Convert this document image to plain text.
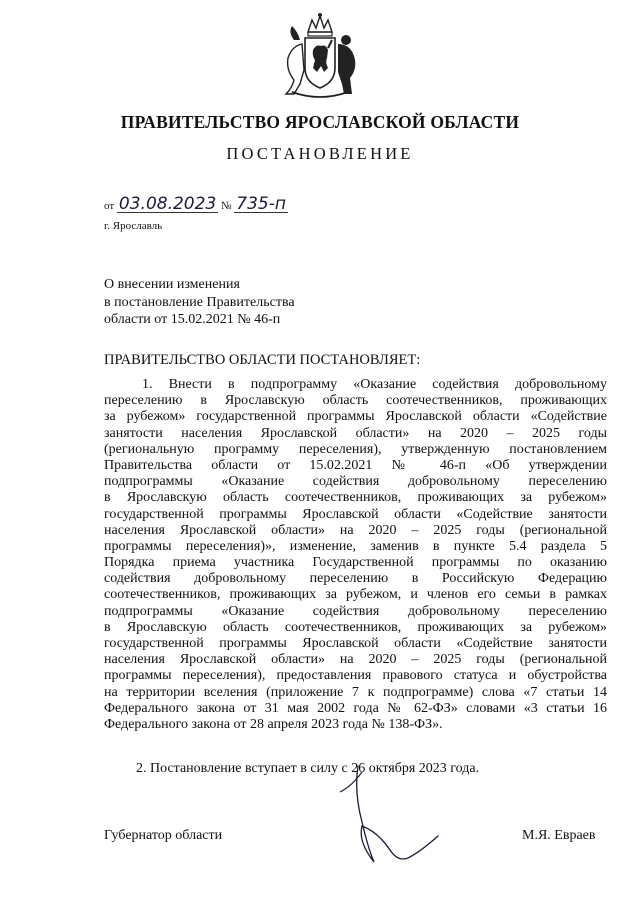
ПРАВИТЕЛЬСТВО ЯРОСЛАВСКОЙ ОБЛАСТИ
ПОСТАНОВЛЕНИЕ
от 03.08.2023 № 735-п
г. Ярославль
О внесении изменения
в постановление Правительства
области от 15.02.2021 № 46-п
ПРАВИТЕЛЬСТВО ОБЛАСТИ ПОСТАНОВЛЯЕТ:
1. Внести в подпрограмму «Оказание содействия добровольному
переселению в Ярославскую область соотечественников, проживающих
за рубежом» государственной программы Ярославской области «Содействие
занятости населения Ярославской области» на 2020 – 2025 годы
(региональную программу переселения), утвержденную постановлением
Правительства области от 15.02.2021 № 46-п «Об утверждении
подпрограммы «Оказание содействия добровольному переселению
в Ярославскую область соотечественников, проживающих за рубежом»
государственной программы Ярославской области «Содействие занятости
населения Ярославской области» на 2020 – 2025 годы (региональной
программы переселения)», изменение, заменив в пункте 5.4 раздела 5
Порядка приема участника Государственной программы по оказанию
содействия добровольному переселению в Российскую Федерацию
соотечественников, проживающих за рубежом, и членов его семьи в рамках
подпрограммы «Оказание содействия добровольному переселению
в Ярославскую область соотечественников, проживающих за рубежом»
государственной программы Ярославской области «Содействие занятости
населения Ярославской области» на 2020 – 2025 годы (региональной
программы переселения), предоставления правового статуса и обустройства
на территории вселения (приложение 7 к подпрограмме) слова «7 статьи 14
Федерального закона от 31 мая 2002 года № 62-ФЗ» словами «3 статьи 16
Федерального закона от 28 апреля 2023 года № 138-ФЗ».
2. Постановление вступает в силу с 26 октября 2023 года.
Губернатор области	М.Я. Евраев
